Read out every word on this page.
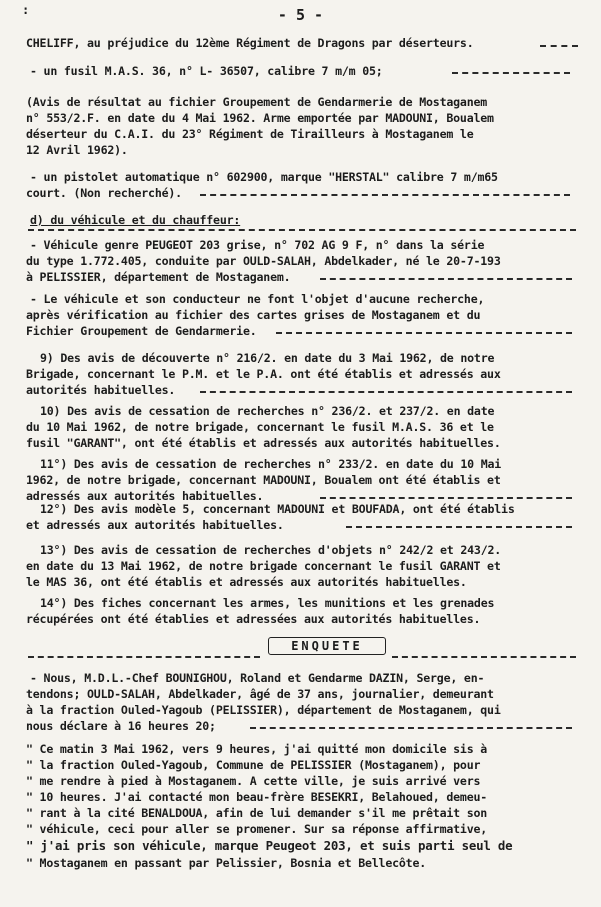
- 5 -
:
CHELIFF, au préjudice du 12ème Régiment de Dragons par déserteurs.
- un fusil M.A.S. 36, n° L- 36507, calibre 7 m/m 05;
(Avis de résultat au fichier Groupement de Gendarmerie de Mostaganem
n° 553/2.F. en date du 4 Mai 1962. Arme emportée par MADOUNI, Boualem
déserteur du C.A.I. du 23° Régiment de Tirailleurs à Mostaganem le
12 Avril 1962).
- un pistolet automatique n° 602900, marque "HERSTAL" calibre 7 m/m65
court. (Non recherché).
d) du véhicule et du chauffeur:
- Véhicule genre PEUGEOT 203 grise, n° 702 AG 9 F, n° dans la série
du type 1.772.405, conduite par OULD-SALAH, Abdelkader, né le 20-7-193
à PELISSIER, département de Mostaganem.
- Le véhicule et son conducteur ne font l'objet d'aucune recherche,
après vérification au fichier des cartes grises de Mostaganem et du
Fichier Groupement de Gendarmerie.
9) Des avis de découverte n° 216/2. en date du 3 Mai 1962, de notre
Brigade, concernant le P.M. et le P.A. ont été établis et adressés aux
autorités habituelles.
10) Des avis de cessation de recherches n° 236/2. et 237/2. en date
du 10 Mai 1962, de notre brigade, concernant le fusil M.A.S. 36 et le
fusil "GARANT", ont été établis et adressés aux autorités habituelles.
11°) Des avis de cessation de recherches n° 233/2. en date du 10 Mai
1962, de notre brigade, concernant MADOUNI, Boualem ont été établis et
adressés aux autorités habituelles.
12°) Des avis modèle 5, concernant MADOUNI et BOUFADA, ont été établis
et adressés aux autorités habituelles.
13°) Des avis de cessation de recherches d'objets n° 242/2 et 243/2.
en date du 13 Mai 1962, de notre brigade concernant le fusil GARANT et
le MAS 36, ont été établis et adressés aux autorités habituelles.
14°) Des fiches concernant les armes, les munitions et les grenades
récupérées ont été établies et adressées aux autorités habituelles.
ENQUETE
- Nous, M.D.L.-Chef BOUNIGHOU, Roland et Gendarme DAZIN, Serge, en-
tendons; OULD-SALAH, Abdelkader, âgé de 37 ans, journalier, demeurant
à la fraction Ouled-Yagoub (PELISSIER), département de Mostaganem, qui
nous déclare à 16 heures 20;
" Ce matin 3 Mai 1962, vers 9 heures, j'ai quitté mon domicile sis à
" la fraction Ouled-Yagoub, Commune de PELISSIER (Mostaganem), pour
" me rendre à pied à Mostaganem. A cette ville, je suis arrivé vers
" 10 heures. J'ai contacté mon beau-frère BESEKRI, Belahoued, demeu-
" rant à la cité BENALDOUA, afin de lui demander s'il me prêtait son
" véhicule, ceci pour aller se promener. Sur sa réponse affirmative,
" j'ai pris son véhicule, marque Peugeot 203, et suis parti seul de
" Mostaganem en passant par Pelissier, Bosnia et Bellecôte.
